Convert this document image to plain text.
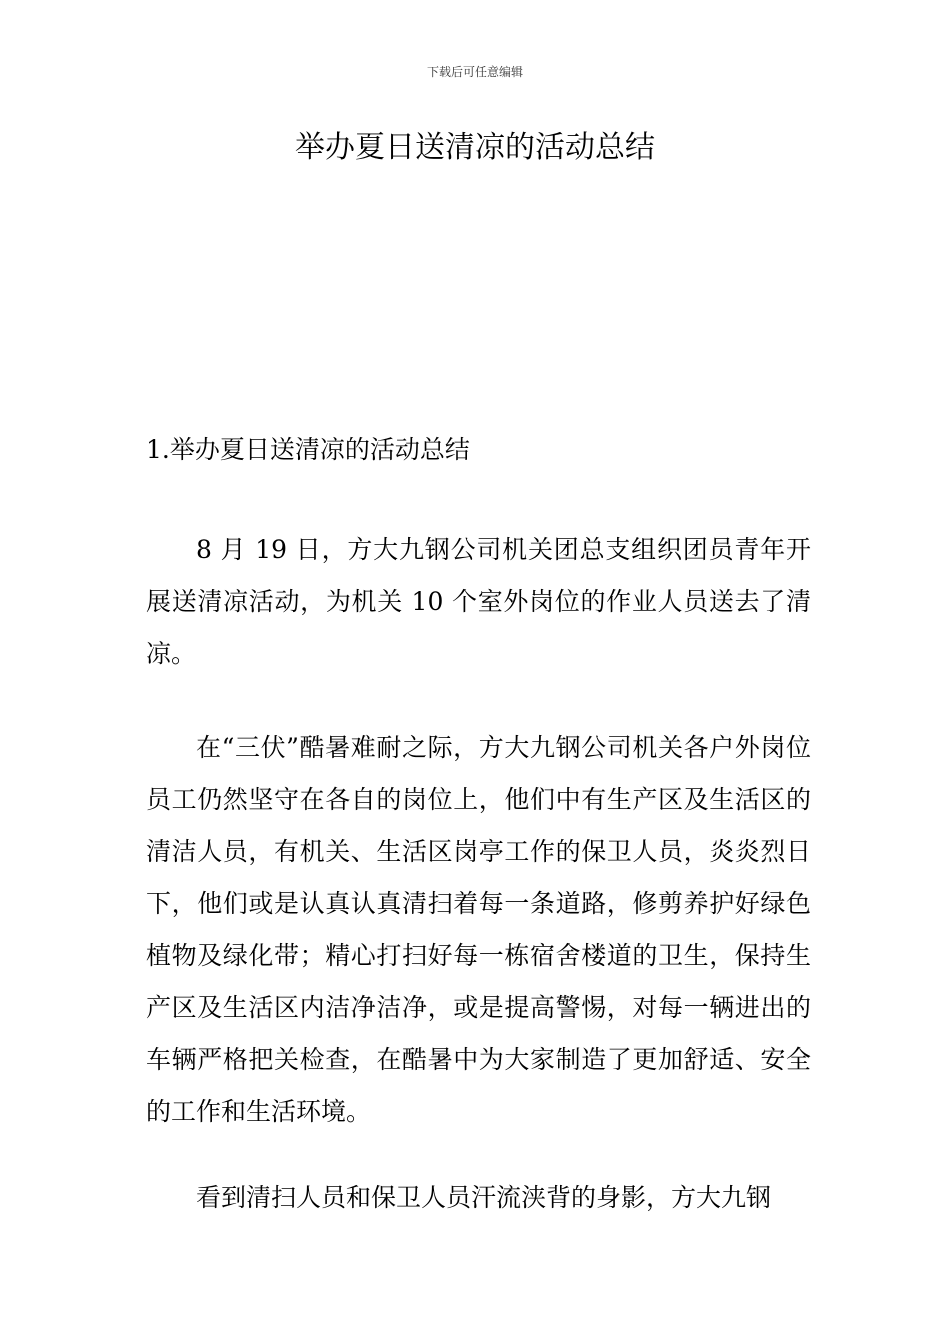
下载后可任意编辑
举办夏日送清凉的活动总结

1.举办夏日送清凉的活动总结

8 月 19 日，方大九钢公司机关团总支组织团员青年开展送清凉活动，为机关 10 个室外岗位的作业人员送去了清凉。

在“三伏”酷暑难耐之际，方大九钢公司机关各户外岗位员工仍然坚守在各自的岗位上，他们中有生产区及生活区的清洁人员，有机关、生活区岗亭工作的保卫人员，炎炎烈日下，他们或是认真认真清扫着每一条道路，修剪养护好绿色植物及绿化带；精心打扫好每一栋宿舍楼道的卫生，保持生产区及生活区内洁净洁净，或是提高警惕，对每一辆进出的车辆严格把关检查，在酷暑中为大家制造了更加舒适、安全的工作和生活环境。

看到清扫人员和保卫人员汗流浃背的身影，方大九钢
